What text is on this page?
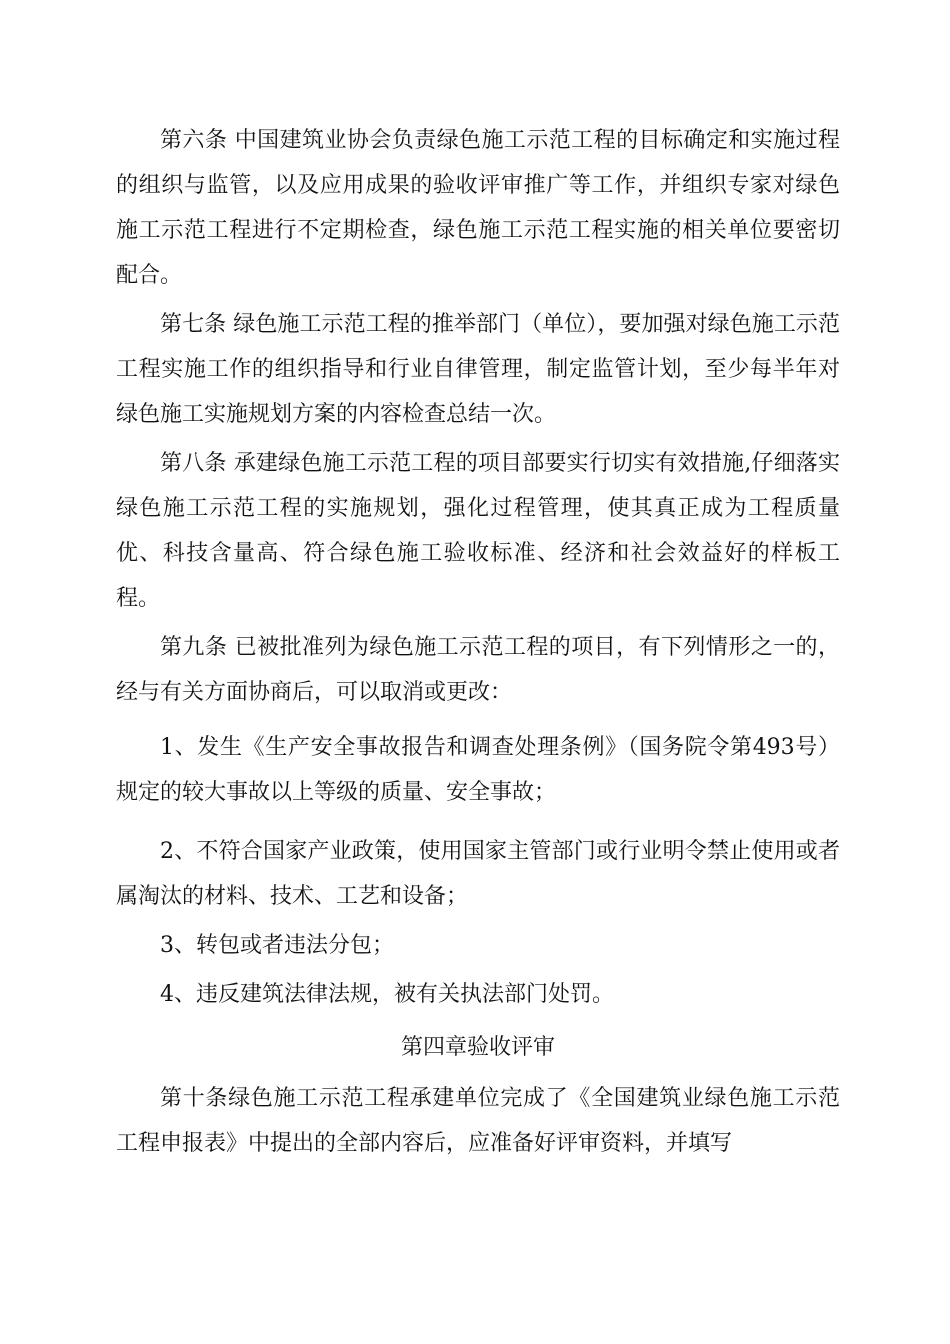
第六条 中国建筑业协会负责绿色施工示范工程的目标确定和实施过程的组织与监管，以及应用成果的验收评审推广等工作，并组织专家对绿色施工示范工程进行不定期检查，绿色施工示范工程实施的相关单位要密切配合。

第七条 绿色施工示范工程的推举部门（单位），要加强对绿色施工示范工程实施工作的组织指导和行业自律管理，制定监管计划，至少每半年对绿色施工实施规划方案的内容检查总结一次。

第八条 承建绿色施工示范工程的项目部要实行切实有效措施,仔细落实绿色施工示范工程的实施规划，强化过程管理，使其真正成为工程质量优、科技含量高、符合绿色施工验收标准、经济和社会效益好的样板工程。

第九条 已被批准列为绿色施工示范工程的项目，有下列情形之一的，经与有关方面协商后，可以取消或更改：

1、发生《生产安全事故报告和调查处理条例》（国务院令第493号）规定的较大事故以上等级的质量、安全事故；

2、不符合国家产业政策，使用国家主管部门或行业明令禁止使用或者属淘汰的材料、技术、工艺和设备；

3、转包或者违法分包；

4、违反建筑法律法规，被有关执法部门处罚。

第四章验收评审

第十条绿色施工示范工程承建单位完成了《全国建筑业绿色施工示范工程申报表》中提出的全部内容后，应准备好评审资料，并填写
